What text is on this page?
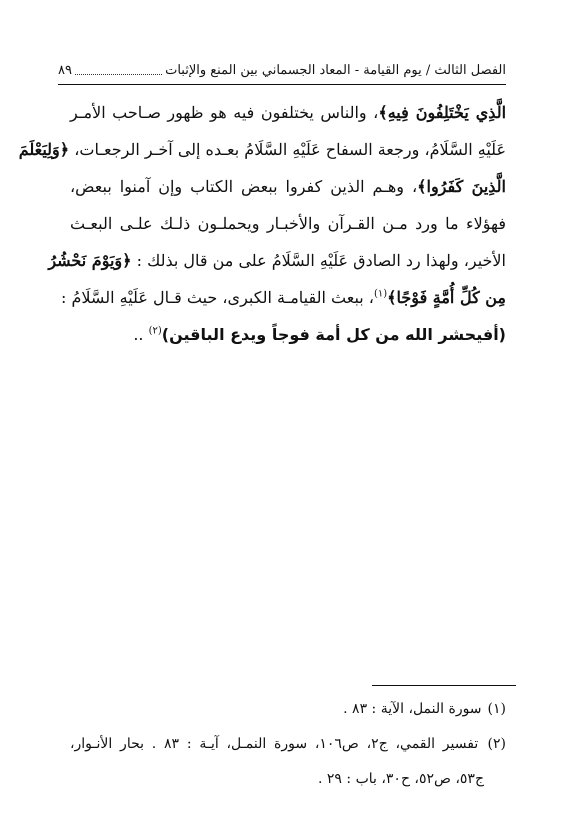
الفصل الثالث / يوم القيامة - المعاد الجسماني بين المنع والإثبات
٨٩
الَّذِي يَخْتَلِفُونَ فِيهِ﴾، والناس يختلفون فيه هو ظهور صـاحب الأمـر
عَلَيْهِ السَّلَامُ، ورجعة السفاح عَلَيْهِ السَّلَامُ بعـده إلى آخـر الرجعـات، ﴿وَلِيَعْلَمَ
الَّذِينَ كَفَرُوا﴾، وهـم الذين كفروا ببعض الكتاب وإن آمنوا ببعض،
فهؤلاء ما ورد مـن القـرآن والأخبـار ويحملـون ذلـك علـى البعـث
الأخير، ولهذا رد الصادق عَلَيْهِ السَّلَامُ على من قال بذلك : ﴿وَيَوْمَ نَحْشُرُ
مِن كُلِّ أُمَّةٍ فَوْجًا﴾$^{(١)}$، ببعث القيامـة الكبرى، حيث قـال عَلَيْهِ السَّلَامُ :
(أفيحشر الله من كل أمة فوجاً ويدع الباقين)$^{(٢)}$ ..
(١) سورة النمل، الآية : ٨٣ .
(٢) تفسير القمي، ج٢، ص١٠٦، سورة النمـل، آيـة : ٨٣ . بحار الأنـوار،
ج٥٣، ص٥٢، ح٣٠، باب : ٢٩ .
